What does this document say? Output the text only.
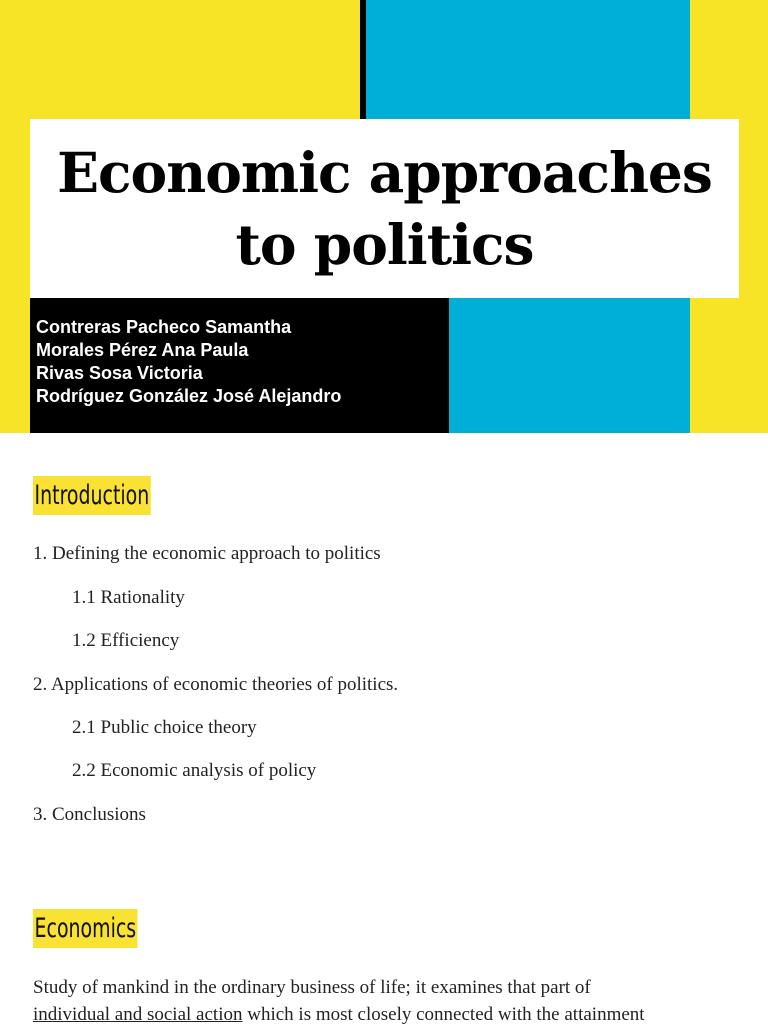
Economic approaches
to politics
Contreras Pacheco Samantha
Morales Pérez Ana Paula
Rivas Sosa Victoria
Rodríguez González José Alejandro
Introduction
1. Defining the economic approach to politics
1.1 Rationality
1.2 Efficiency
2. Applications of economic theories of politics.
2.1 Public choice theory
2.2 Economic analysis of policy
3. Conclusions
Economics
Study of mankind in the ordinary business of life; it examines that part of
individual and social action which is most closely connected with the attainment
